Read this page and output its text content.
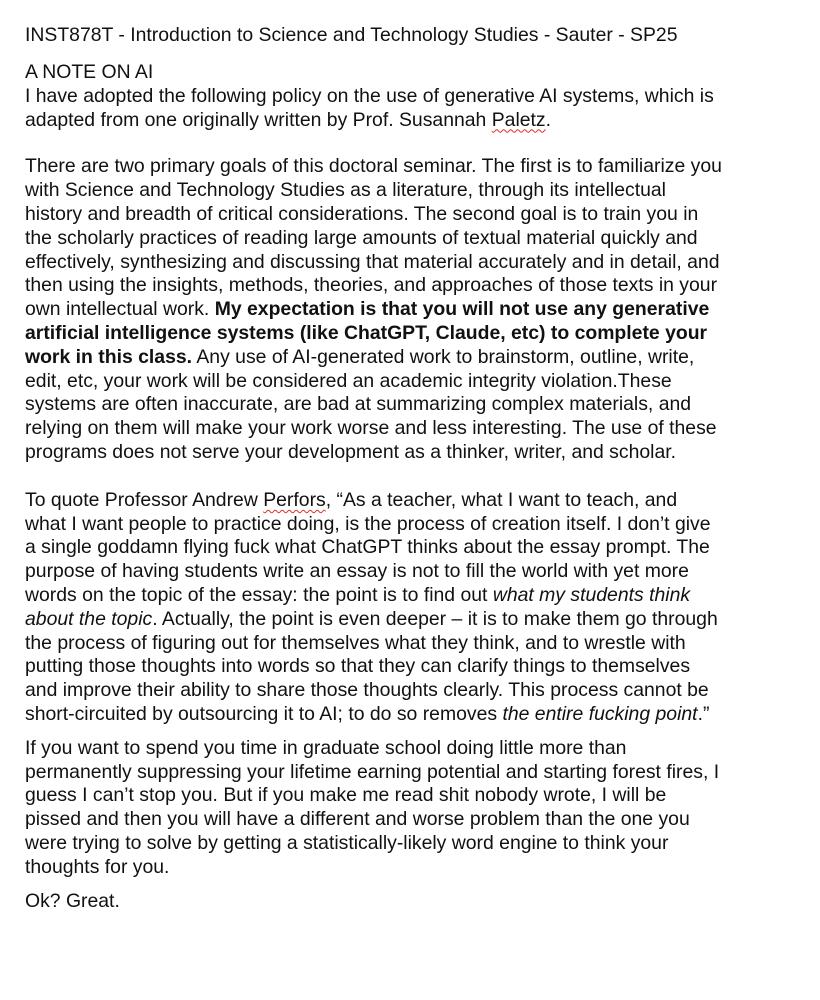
INST878T - Introduction to Science and Technology Studies - Sauter - SP25
A NOTE ON AI
I have adopted the following policy on the use of generative AI systems, which is
adapted from one originally written by Prof. Susannah Paletz.
There are two primary goals of this doctoral seminar. The first is to familiarize you
with Science and Technology Studies as a literature, through its intellectual
history and breadth of critical considerations. The second goal is to train you in
the scholarly practices of reading large amounts of textual material quickly and
effectively, synthesizing and discussing that material accurately and in detail, and
then using the insights, methods, theories, and approaches of those texts in your
own intellectual work. My expectation is that you will not use any generative
artificial intelligence systems (like ChatGPT, Claude, etc) to complete your
work in this class. Any use of AI-generated work to brainstorm, outline, write,
edit, etc, your work will be considered an academic integrity violation.These
systems are often inaccurate, are bad at summarizing complex materials, and
relying on them will make your work worse and less interesting. The use of these
programs does not serve your development as a thinker, writer, and scholar.
To quote Professor Andrew Perfors, “As a teacher, what I want to teach, and
what I want people to practice doing, is the process of creation itself. I don’t give
a single goddamn flying fuck what ChatGPT thinks about the essay prompt. The
purpose of having students write an essay is not to fill the world with yet more
words on the topic of the essay: the point is to find out what my students think
about the topic. Actually, the point is even deeper – it is to make them go through
the process of figuring out for themselves what they think, and to wrestle with
putting those thoughts into words so that they can clarify things to themselves
and improve their ability to share those thoughts clearly. This process cannot be
short-circuited by outsourcing it to AI; to do so removes the entire fucking point.”
If you want to spend you time in graduate school doing little more than
permanently suppressing your lifetime earning potential and starting forest fires, I
guess I can’t stop you. But if you make me read shit nobody wrote, I will be
pissed and then you will have a different and worse problem than the one you
were trying to solve by getting a statistically-likely word engine to think your
thoughts for you.
Ok? Great.
